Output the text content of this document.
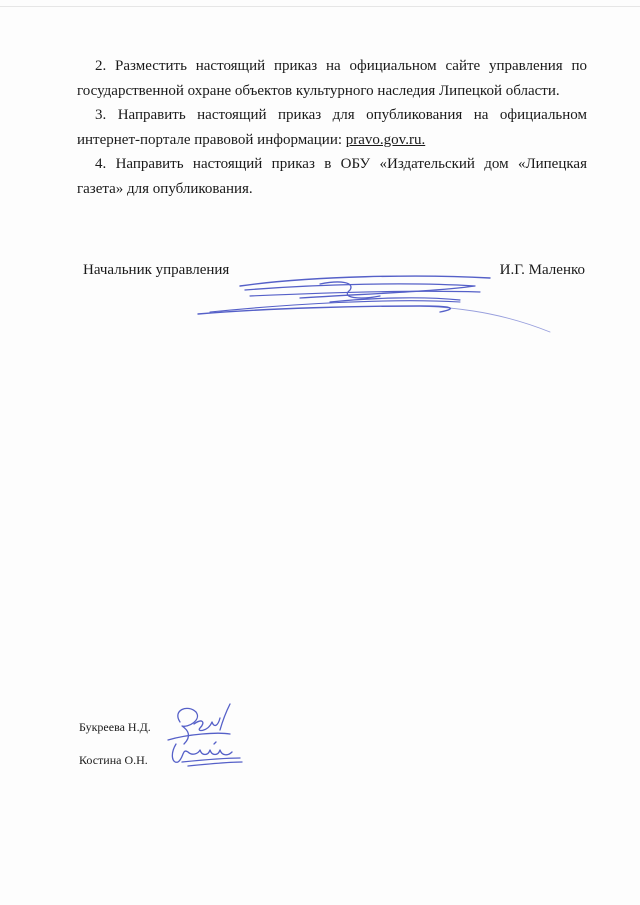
2. Разместить настоящий приказ на официальном сайте управления по государственной охране объектов культурного наследия Липецкой области.

3. Направить настоящий приказ для опубликования на официальном интернет-портале правовой информации: pravo.gov.ru.

4. Направить настоящий приказ в ОБУ «Издательский дом «Липецкая газета» для опубликования.

Начальник управления	И.Г. Маленко
Букреева Н.Д.
Костина О.Н.
